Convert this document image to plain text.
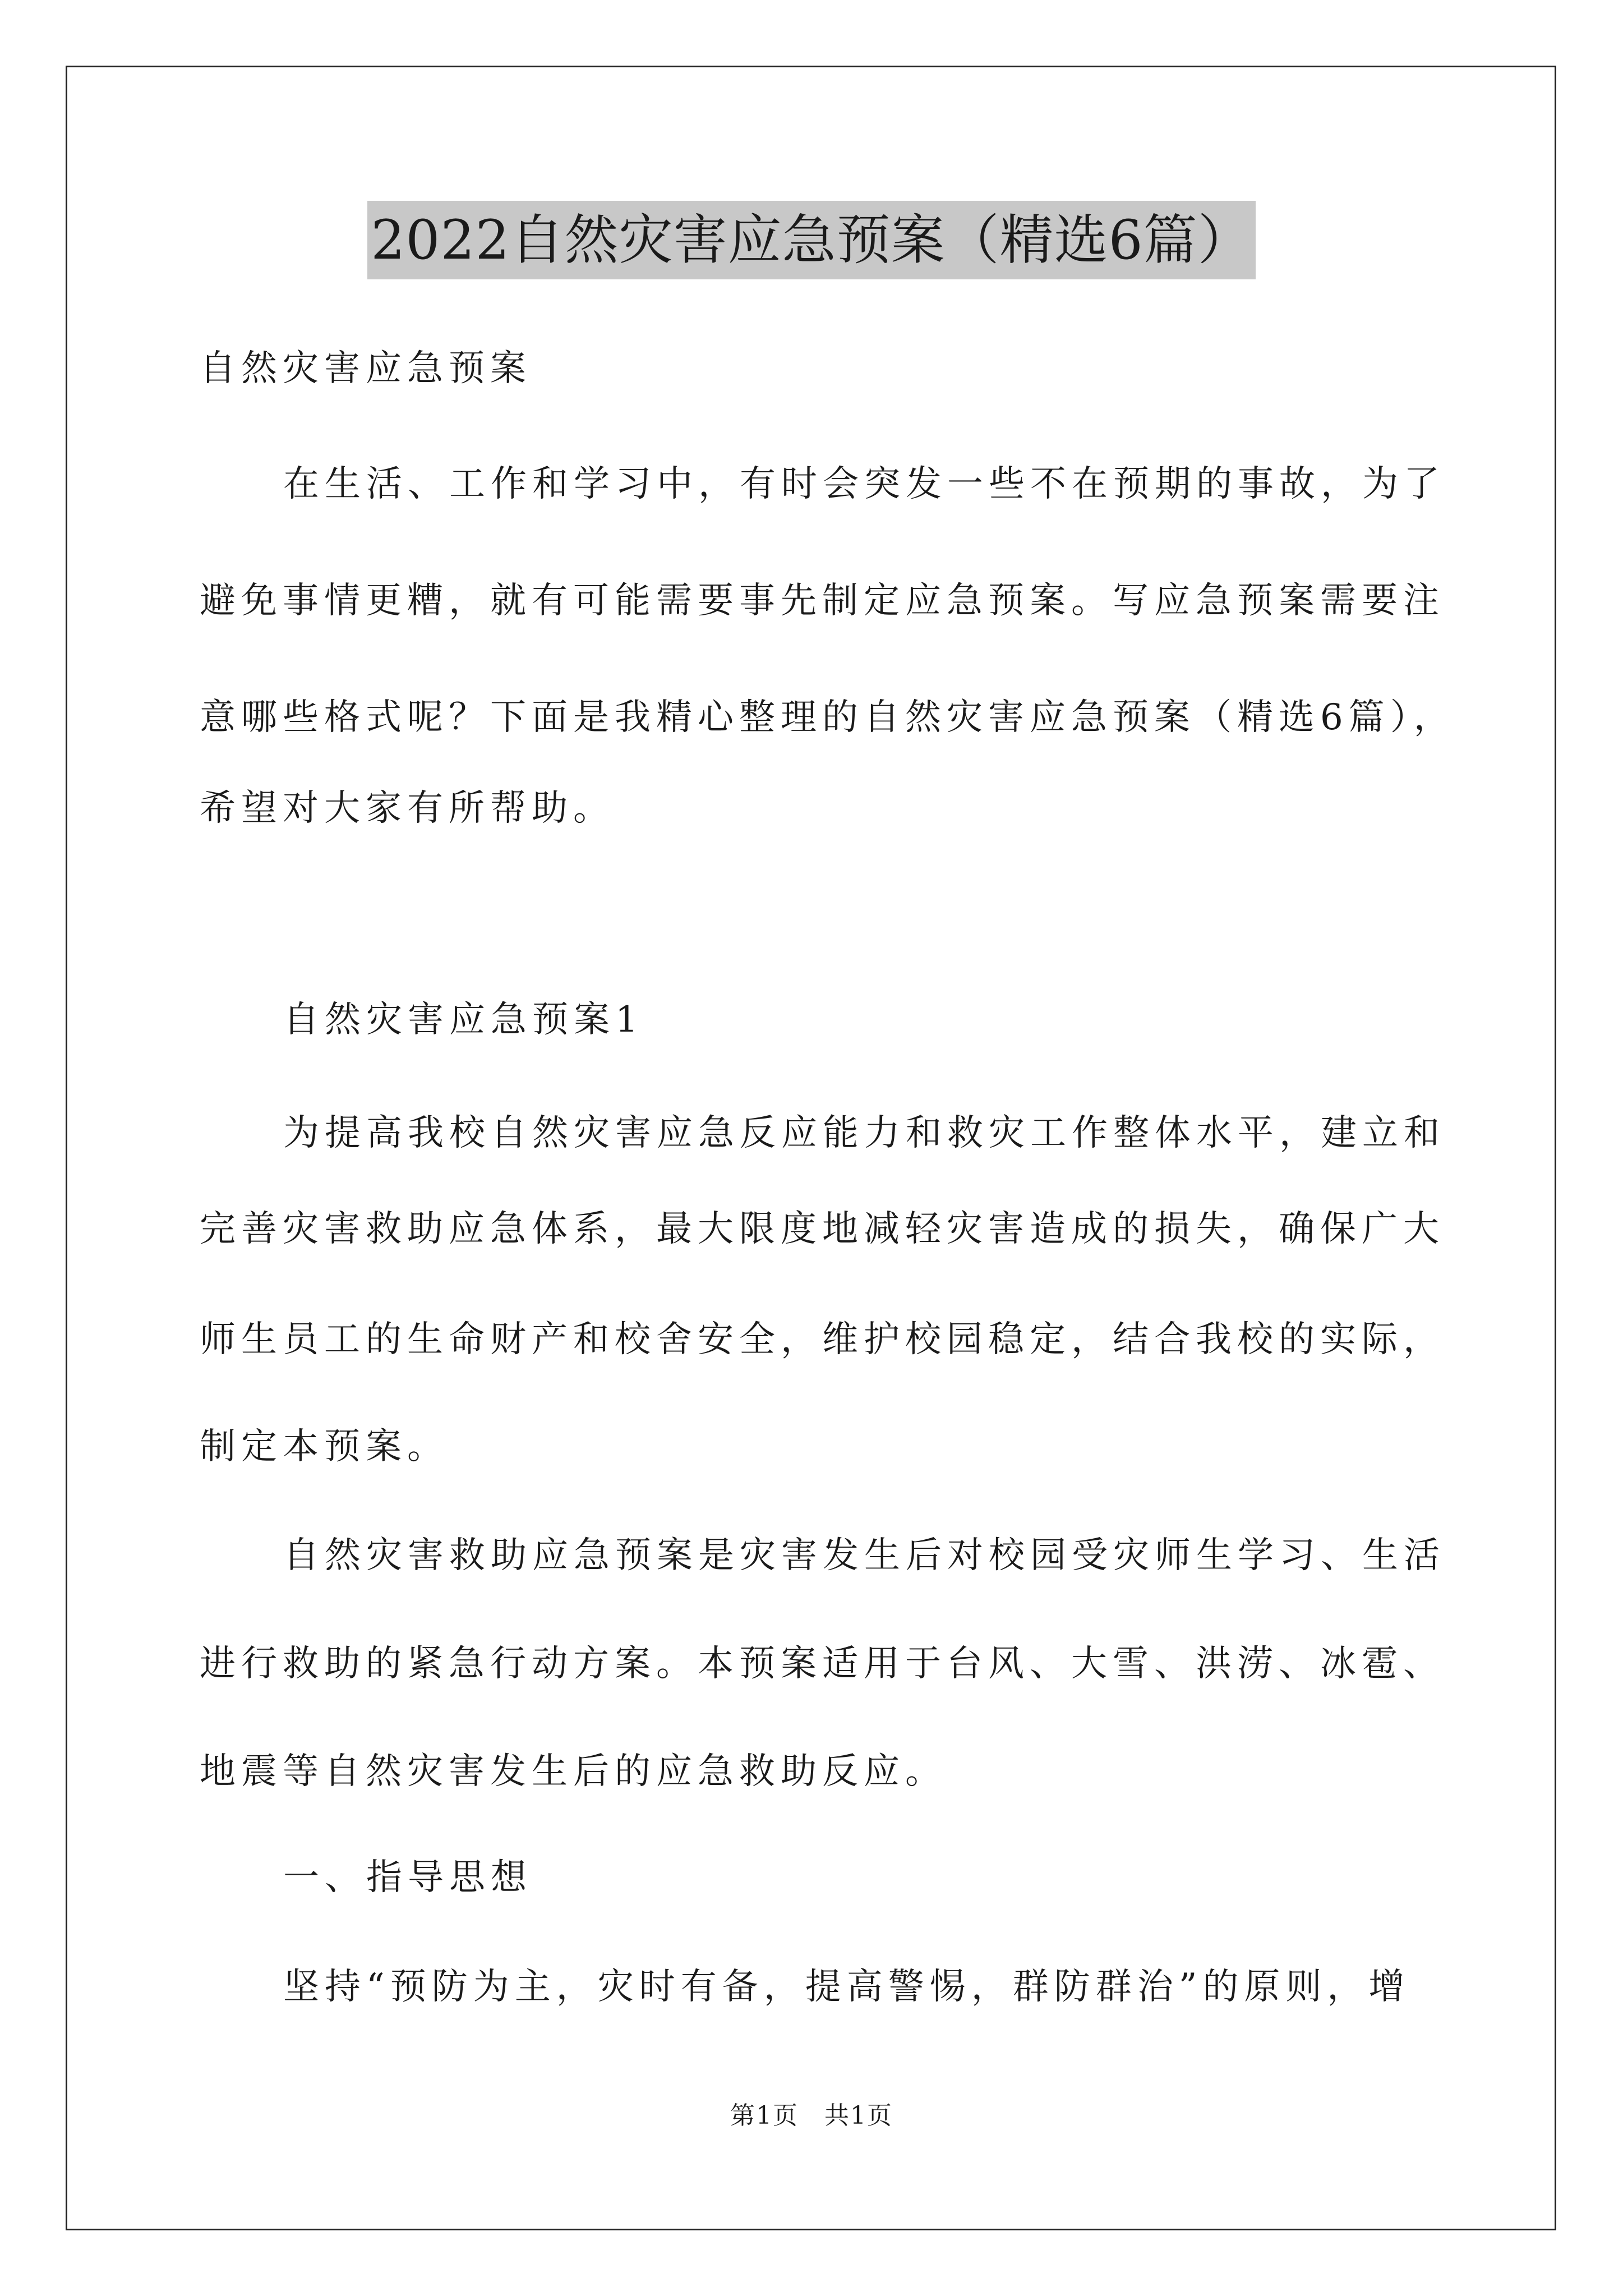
2022自然灾害应急预案（精选6篇）
自然灾害应急预案
在生活、工作和学习中，有时会突发一些不在预期的事故，为了
避免事情更糟，就有可能需要事先制定应急预案。写应急预案需要注
意哪些格式呢？下面是我精心整理的自然灾害应急预案（精选6篇），
希望对大家有所帮助。
自然灾害应急预案1
为提高我校自然灾害应急反应能力和救灾工作整体水平，建立和
完善灾害救助应急体系，最大限度地减轻灾害造成的损失，确保广大
师生员工的生命财产和校舍安全，维护校园稳定，结合我校的实际，
制定本预案。
自然灾害救助应急预案是灾害发生后对校园受灾师生学习、生活
进行救助的紧急行动方案。本预案适用于台风、大雪、洪涝、冰雹、
地震等自然灾害发生后的应急救助反应。
一、指导思想
坚持“预防为主，灾时有备，提高警惕，群防群治”的原则，增
第1页　共1页
